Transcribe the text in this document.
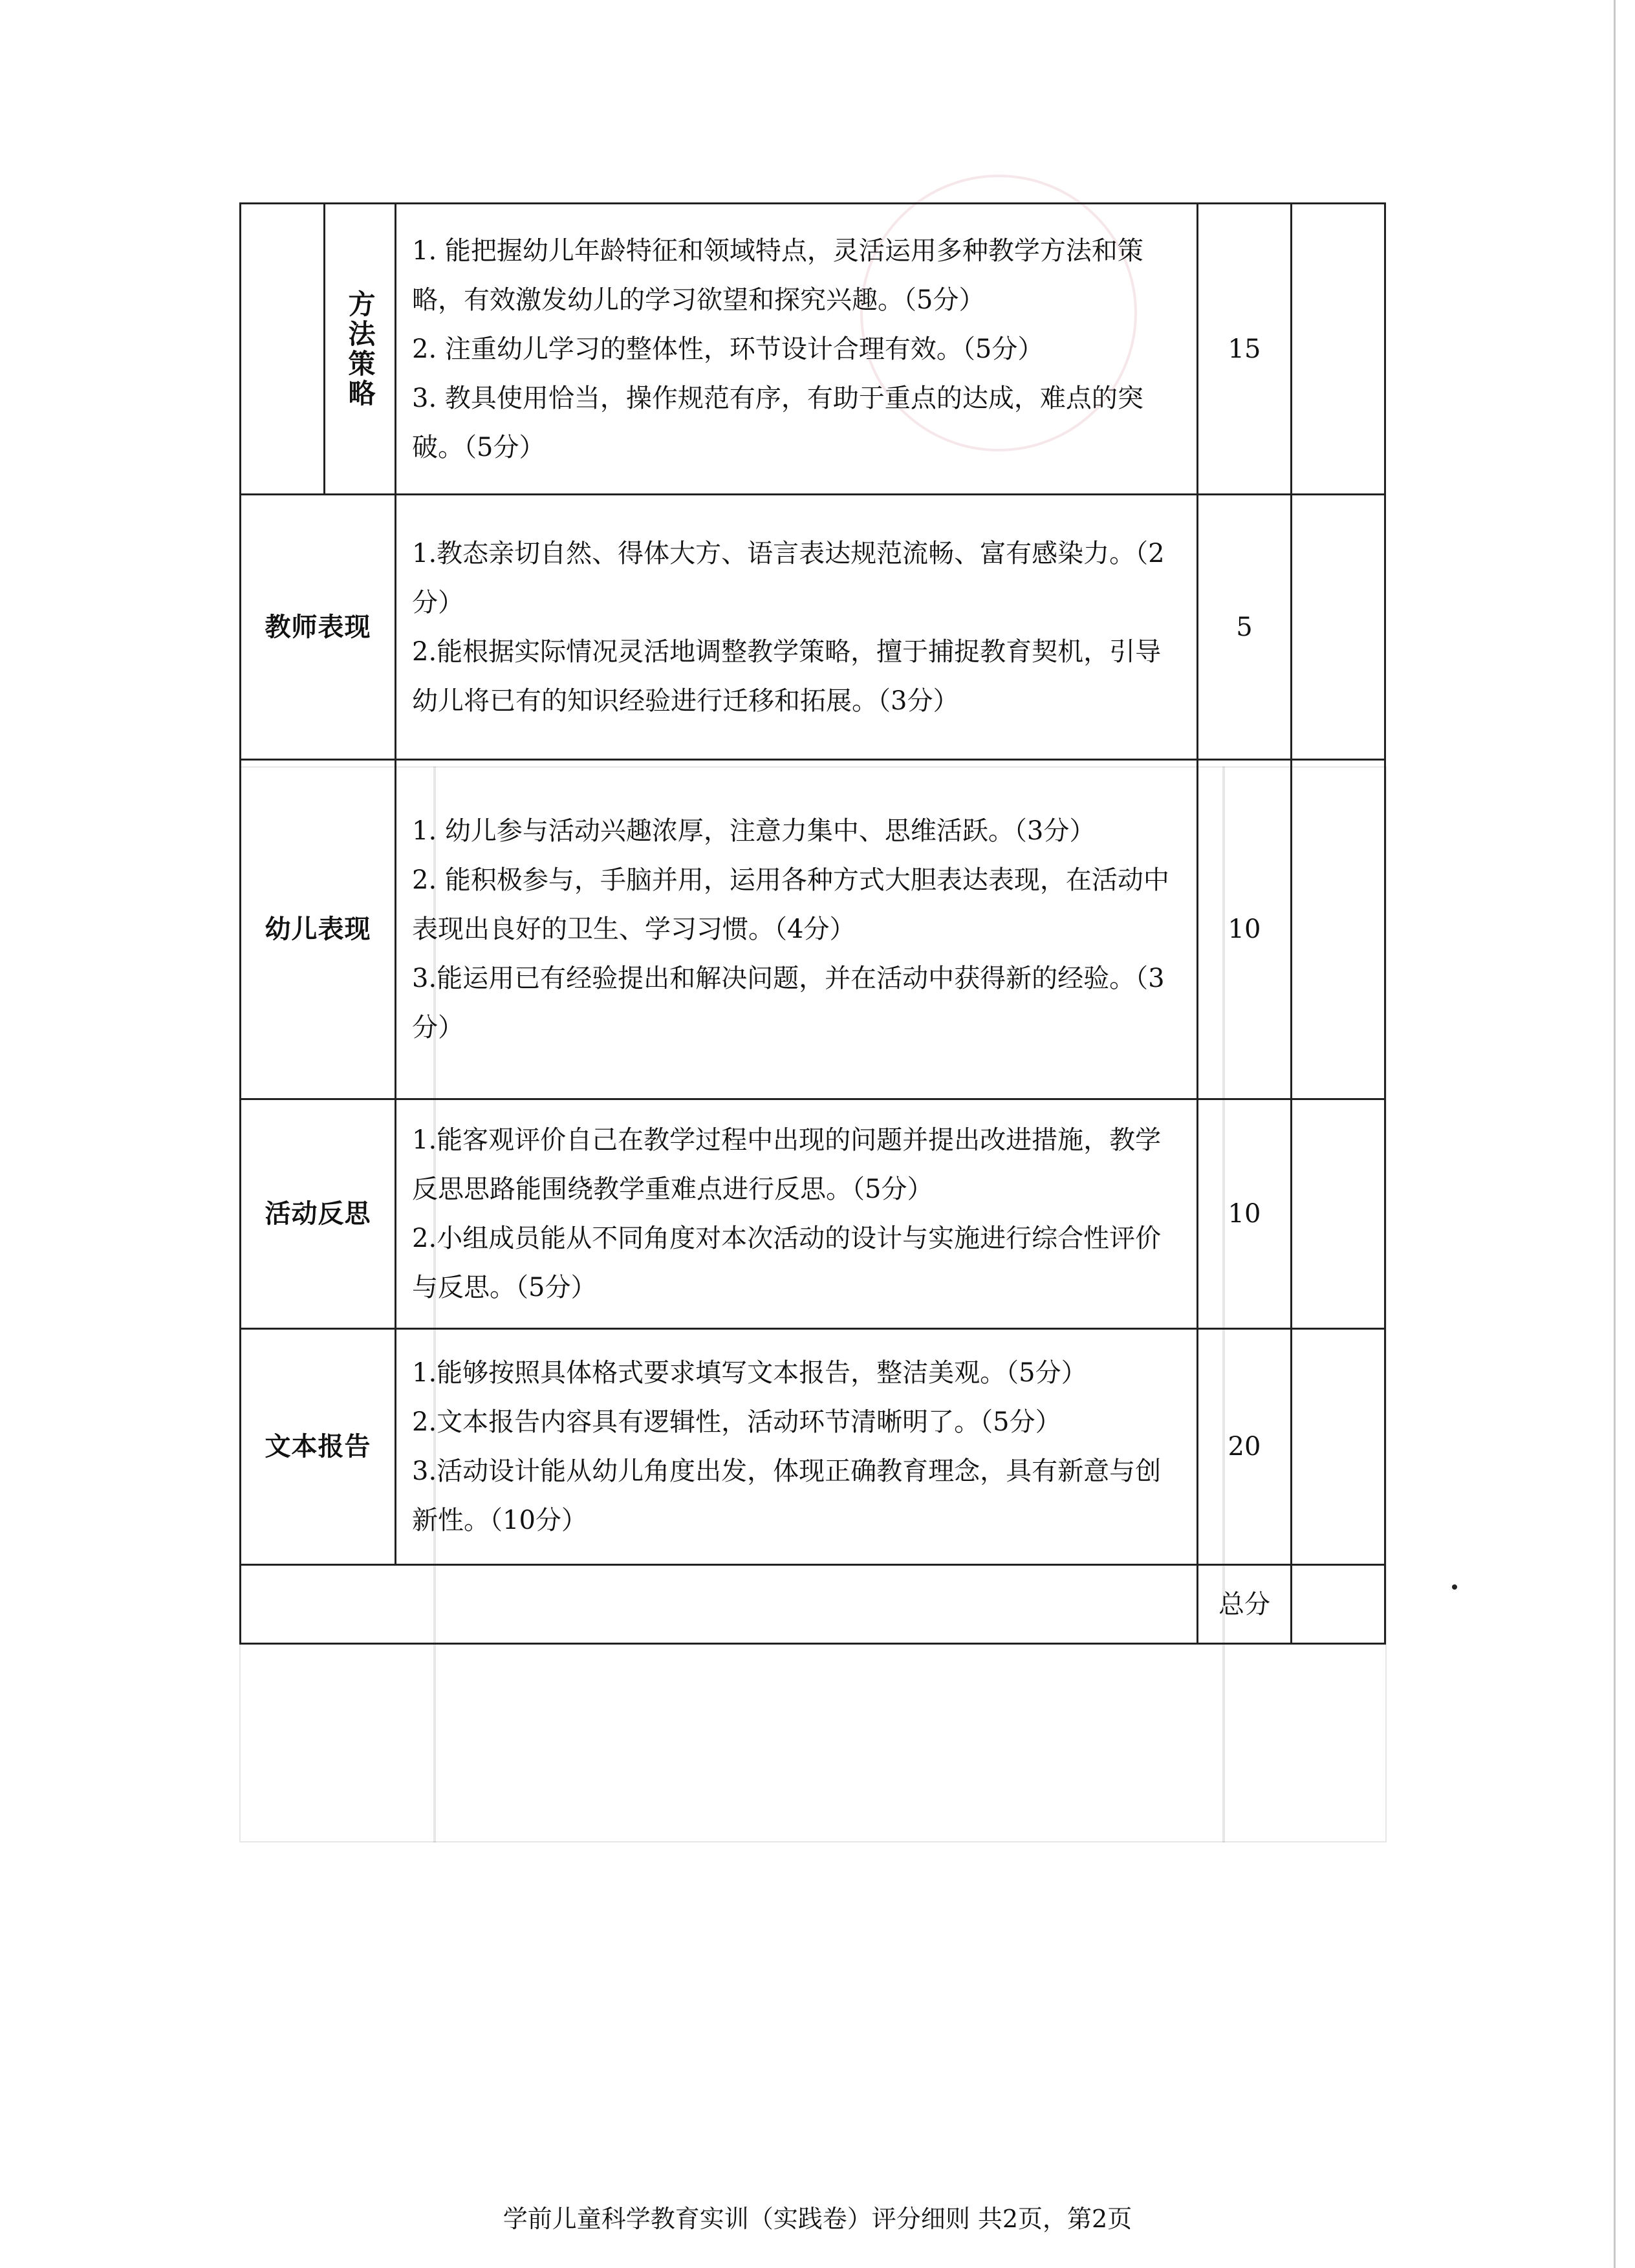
	方法策略	1. 能把握幼儿年龄特征和领域特点，灵活运用多种教学方法和策略，有效激发幼儿的学习欲望和探究兴趣。（5分）

2. 注重幼儿学习的整体性，环节设计合理有效。（5分）

3. 教具使用恰当，操作规范有序，有助于重点的达成，难点的突破。（5分）	15	
教师表现		1.教态亲切自然、得体大方、语言表达规范流畅、富有感染力。（2分）

2.能根据实际情况灵活地调整教学策略，擅于捕捉教育契机，引导幼儿将已有的知识经验进行迁移和拓展。（3分）	5	
幼儿表现		1. 幼儿参与活动兴趣浓厚，注意力集中、思维活跃。（3分）

2. 能积极参与，手脑并用，运用各种方式大胆表达表现，在活动中表现出良好的卫生、学习习惯。（4分）

3.能运用已有经验提出和解决问题，并在活动中获得新的经验。（3分）	10	
活动反思		1.能客观评价自己在教学过程中出现的问题并提出改进措施，教学反思思路能围绕教学重难点进行反思。（5分）

2.小组成员能从不同角度对本次活动的设计与实施进行综合性评价与反思。（5分）	10	
文本报告		1.能够按照具体格式要求填写文本报告，整洁美观。（5分）

2.文本报告内容具有逻辑性，活动环节清晰明了。（5分）

3.活动设计能从幼儿角度出发，体现正确教育理念，具有新意与创新性。（10分）	20	
			总分	
学前儿童科学教育实训（实践卷）评分细则 共2页，第2页
